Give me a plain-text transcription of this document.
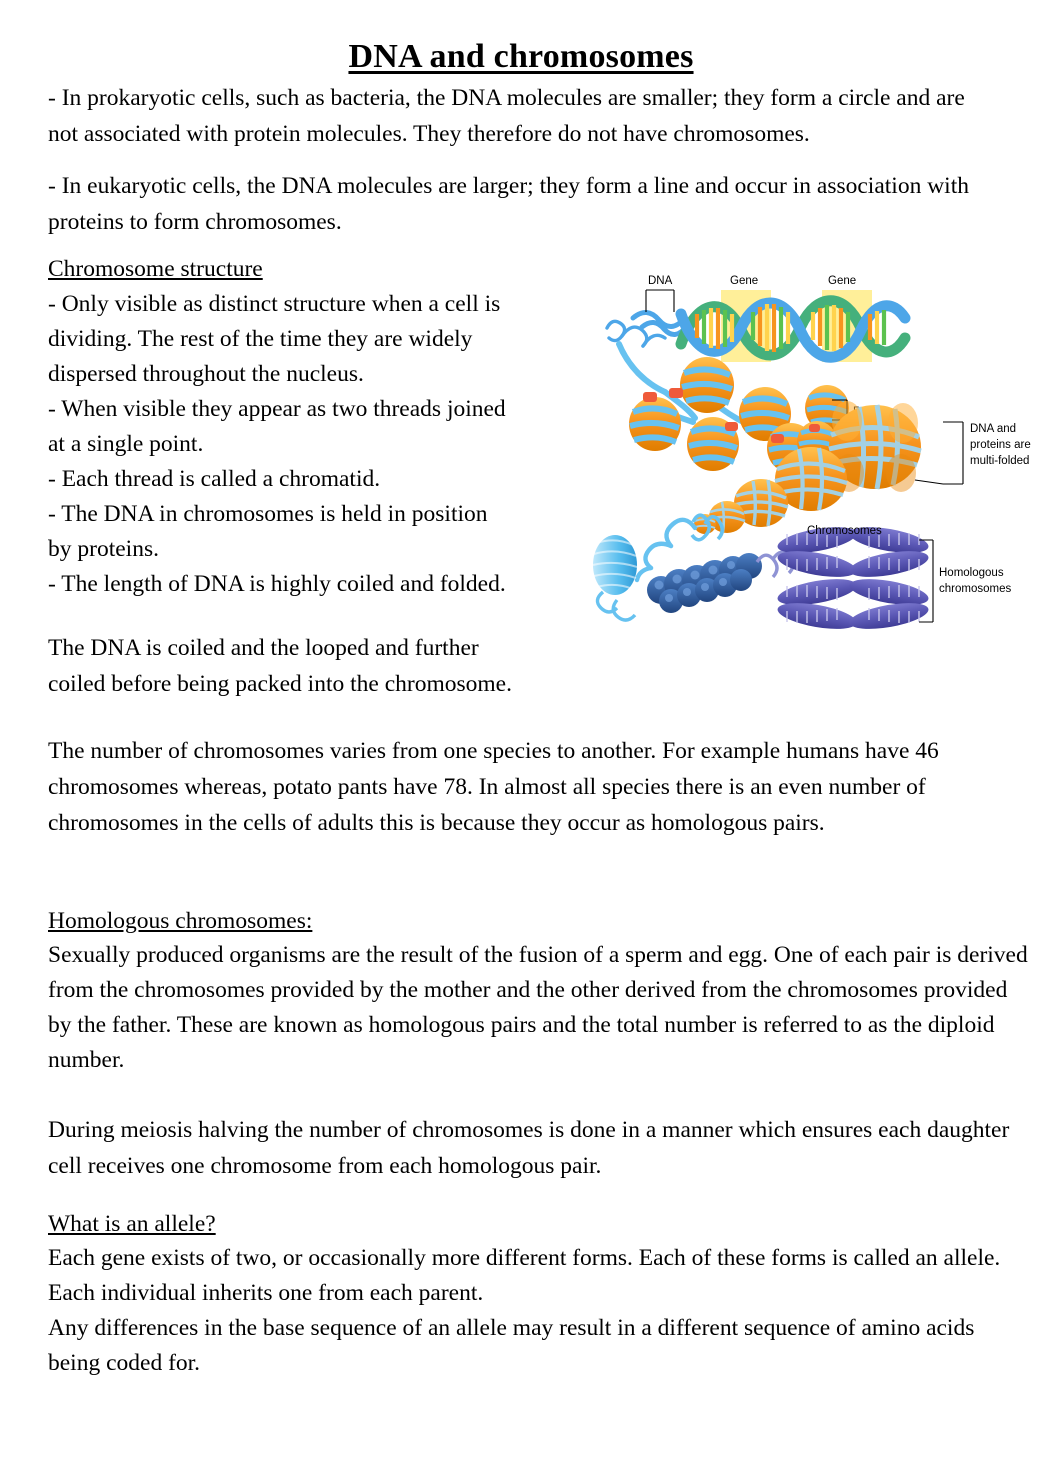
DNA and chromosomes

- In prokaryotic cells, such as bacteria, the DNA molecules are smaller; they form a circle and are not associated with protein molecules. They therefore do not have chromosomes.

- In eukaryotic cells, the DNA molecules are larger; they form a line and occur in association with proteins to form chromosomes.

Chromosome structure

- Only visible as distinct structure when a cell is

dividing. The rest of the time they are widely

dispersed throughout the nucleus.

- When visible they appear as two threads joined

at a single point.

- Each thread is called a chromatid.

- The DNA in chromosomes is held in position

by proteins.

- The length of DNA is highly coiled and folded.

The DNA is coiled and the looped and further

coiled before being packed into the chromosome.

The number of chromosomes varies from one species to another. For example humans have 46 chromosomes whereas, potato pants have 78. In almost all species there is an even number of chromosomes in the cells of adults this is because they occur as homologous pairs.

Homologous chromosomes:

Sexually produced organisms are the result of the fusion of a sperm and egg. One of each pair is derived from the chromosomes provided by the mother and the other derived from the chromosomes provided by the father. These are known as homologous pairs and the total number is referred to as the diploid number.

During meiosis halving the number of chromosomes is done in a manner which ensures each daughter cell receives one chromosome from each homologous pair.

What is an allele?

Each gene exists of two, or occasionally more different forms. Each of these forms is called an allele. Each individual inherits one from each parent.

Any differences in the base sequence of an allele may result in a different sequence of amino acids being coded for.

DNA	Gene	Gene
DNA and
proteins are
multi-folded
Chromosomes
Homologous
chromosomes
